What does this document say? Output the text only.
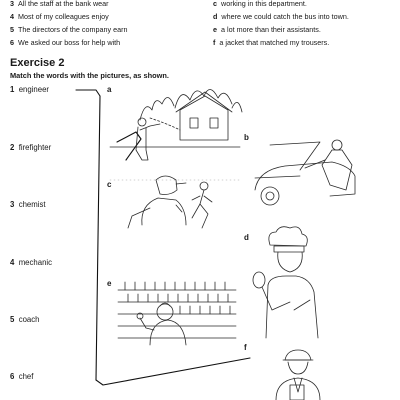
3 All the staff at the bank wear
4 Most of my colleagues enjoy
5 The directors of the company earn
6 We asked our boss for help with
c working in this department.
d where we could catch the bus into town.
e a lot more than their assistants.
f a jacket that matched my trousers.
Exercise 2
Match the words with the pictures, as shown.
1 engineer
2 firefighter
3 chemist
4 mechanic
5 coach
6 chef
a
b
c
d
e
f
